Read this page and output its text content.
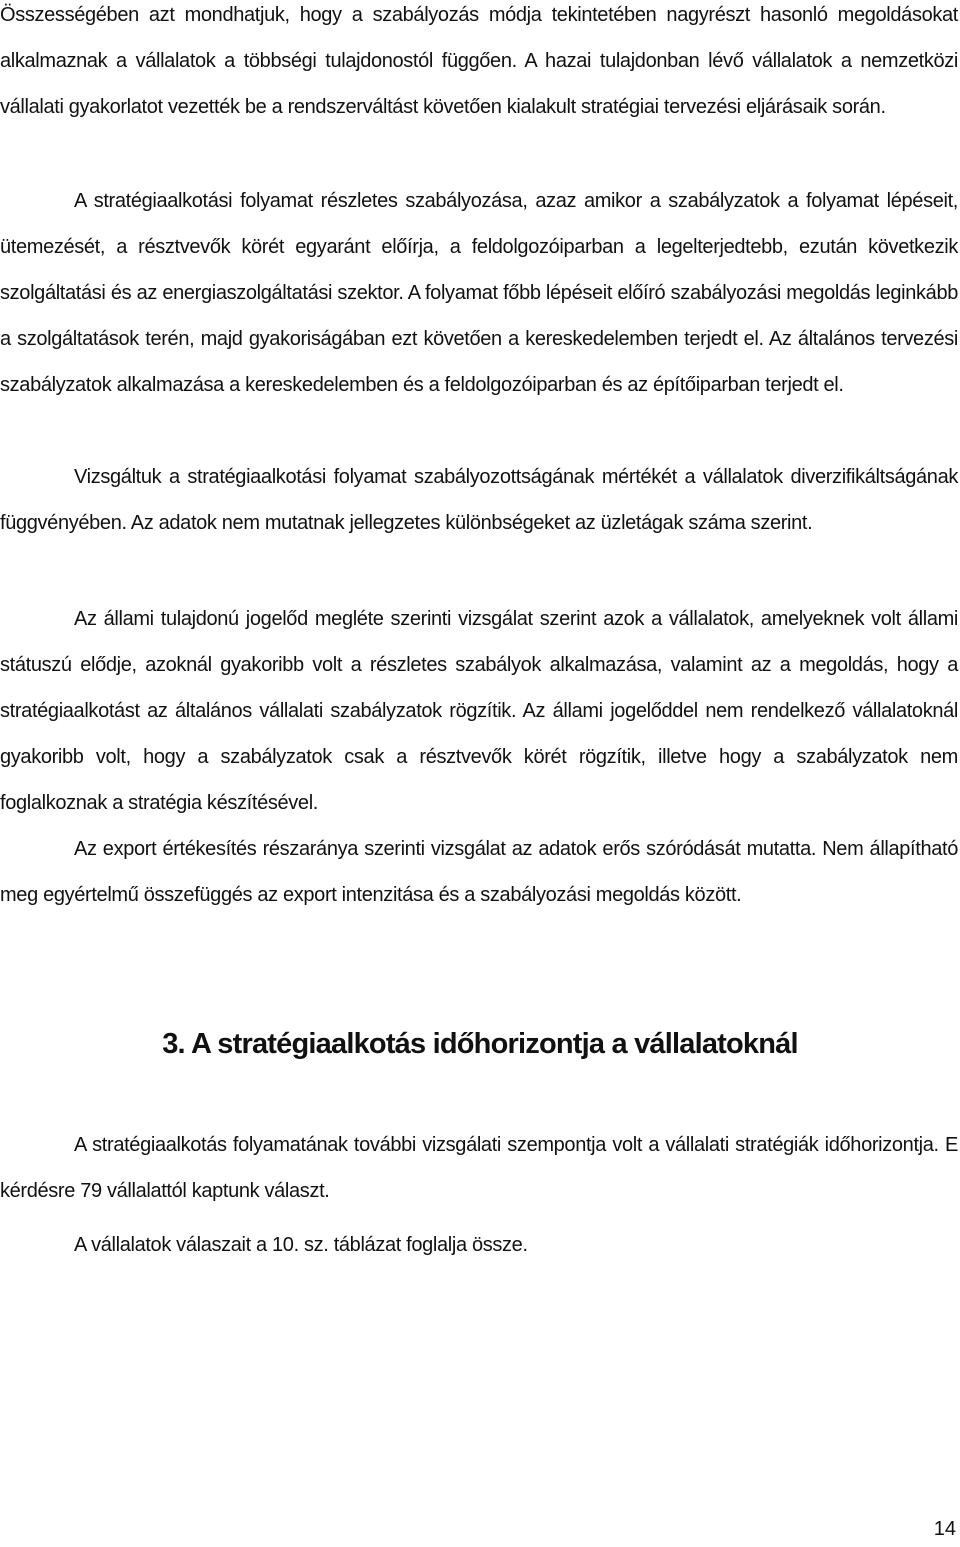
Összességében azt mondhatjuk, hogy a szabályozás módja tekintetében nagyrészt hasonló megoldásokat alkalmaznak a vállalatok a többségi tulajdonostól függően. A hazai tulajdonban lévő vállalatok a nemzetközi vállalati gyakorlatot vezették be a rendszerváltást követően kialakult stratégiai tervezési eljárásaik során.

A stratégiaalkotási folyamat részletes szabályozása, azaz amikor a szabályzatok a folyamat lépéseit, ütemezését, a résztvevők körét egyaránt előírja, a feldolgozóiparban a legelterjedtebb, ezután következik szolgáltatási és az energiaszolgáltatási szektor. A folyamat főbb lépéseit előíró szabályozási megoldás leginkább a szolgáltatások terén, majd gyakoriságában ezt követően a kereskedelemben terjedt el. Az általános tervezési szabályzatok alkalmazása a kereskedelemben és a feldolgozóiparban és az építőiparban terjedt el.

Vizsgáltuk a stratégiaalkotási folyamat szabályozottságának mértékét a vállalatok diverzifikáltságának függvényében. Az adatok nem mutatnak jellegzetes különbségeket az üzletágak száma szerint.

Az állami tulajdonú jogelőd megléte szerinti vizsgálat szerint azok a vállalatok, amelyeknek volt állami státuszú elődje, azoknál gyakoribb volt a részletes szabályok alkalmazása, valamint az a megoldás, hogy a stratégiaalkotást az általános vállalati szabályzatok rögzítik. Az állami jogelőddel nem rendelkező vállalatoknál gyakoribb volt, hogy a szabályzatok csak a résztvevők körét rögzítik, illetve hogy a szabályzatok nem foglalkoznak a stratégia készítésével.

Az export értékesítés részaránya szerinti vizsgálat az adatok erős szóródását mutatta. Nem állapítható meg egyértelmű összefüggés az export intenzitása és a szabályozási megoldás között.

3. A stratégiaalkotás időhorizontja a vállalatoknál

A stratégiaalkotás folyamatának további vizsgálati szempontja volt a vállalati stratégiák időhorizontja. E kérdésre 79 vállalattól kaptunk választ.

A vállalatok válaszait a 10. sz. táblázat foglalja össze.

14
